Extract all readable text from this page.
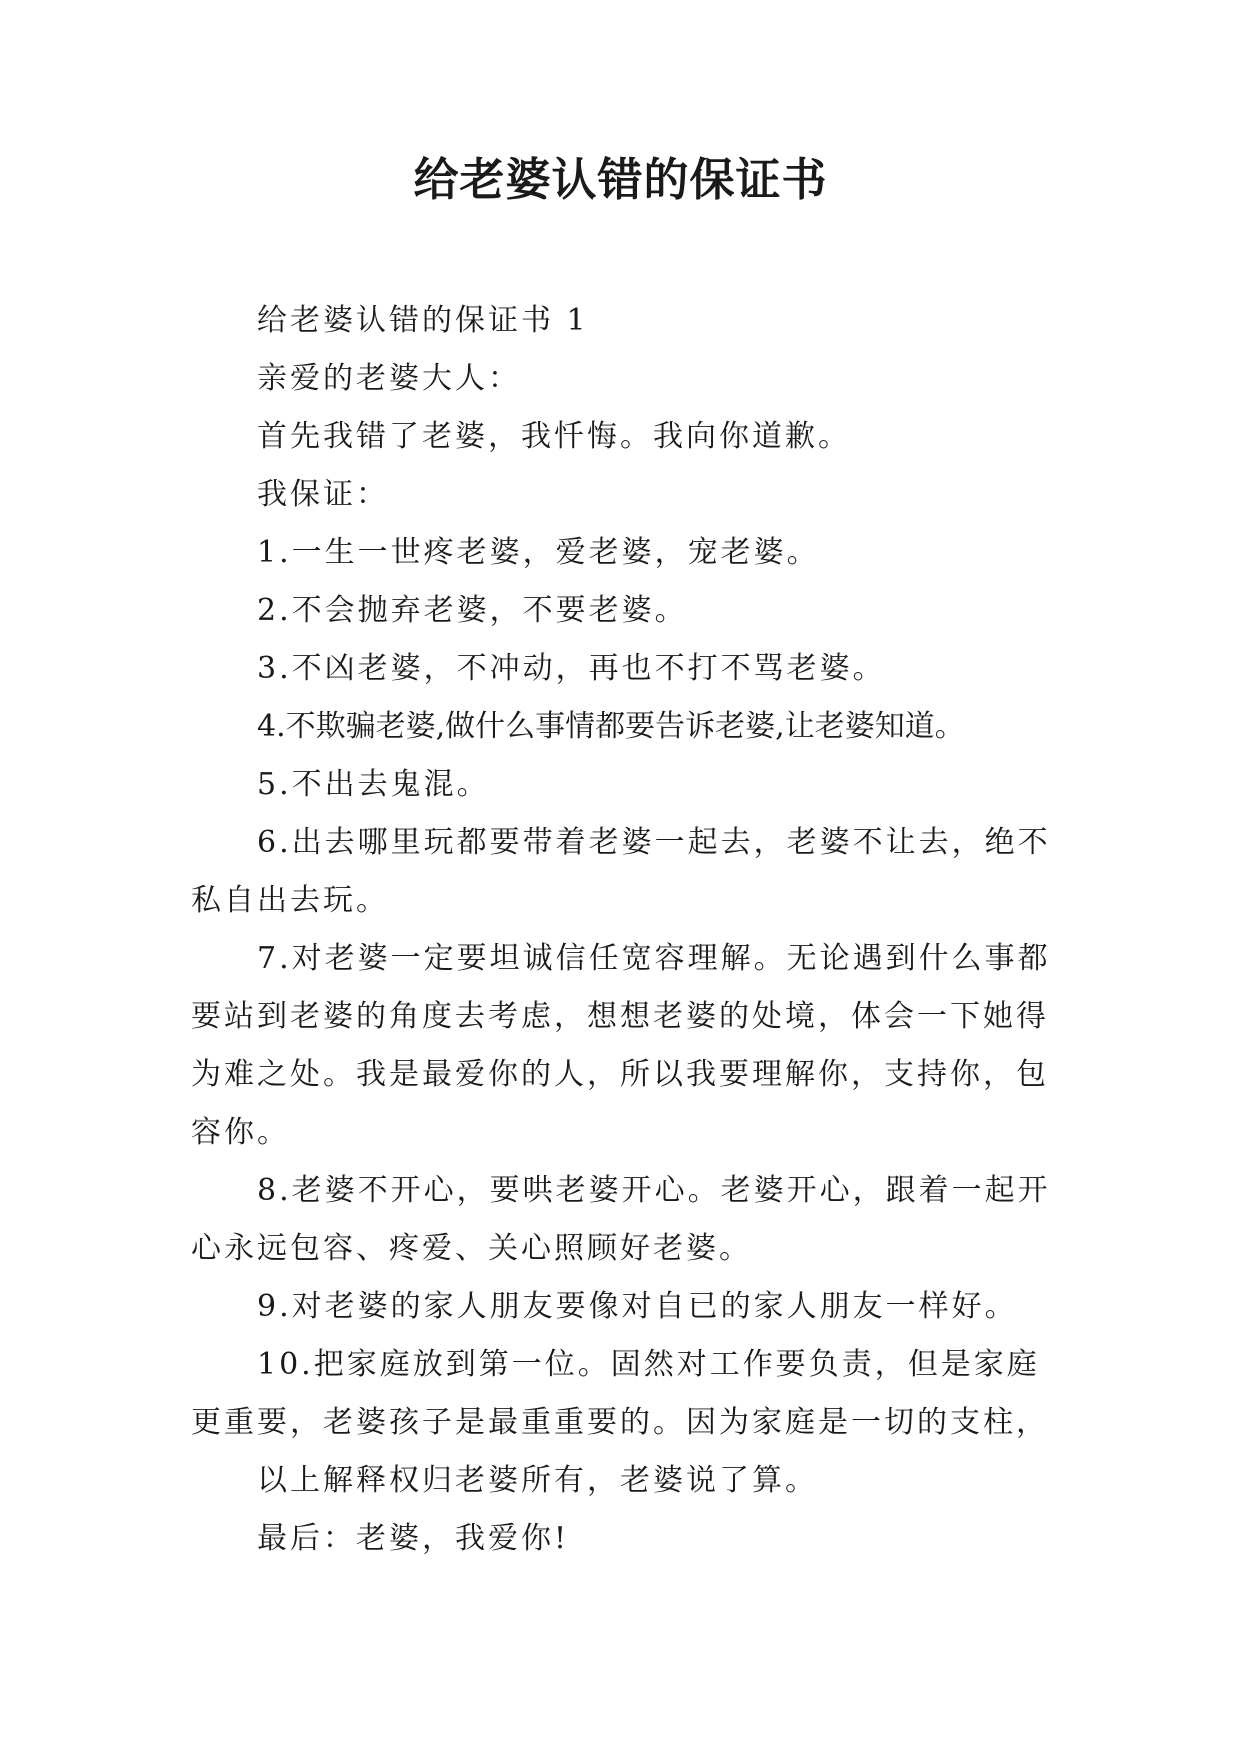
给老婆认错的保证书

给老婆认错的保证书 1

亲爱的老婆大人：

首先我错了老婆，我忏悔。我向你道歉。

我保证：

1.一生一世疼老婆，爱老婆，宠老婆。

2.不会抛弃老婆，不要老婆。

3.不凶老婆，不冲动，再也不打不骂老婆。

4.不欺骗老婆,做什么事情都要告诉老婆,让老婆知道。

5.不出去鬼混。

6.出去哪里玩都要带着老婆一起去，老婆不让去，绝不私自出去玩。

7.对老婆一定要坦诚信任宽容理解。无论遇到什么事都要站到老婆的角度去考虑，想想老婆的处境，体会一下她得为难之处。我是最爱你的人，所以我要理解你，支持你，包容你。

8.老婆不开心，要哄老婆开心。老婆开心，跟着一起开心永远包容、疼爱、关心照顾好老婆。

9.对老婆的家人朋友要像对自已的家人朋友一样好。

10.把家庭放到第一位。固然对工作要负责，但是家庭更重要，老婆孩子是最重重要的。因为家庭是一切的支柱，

以上解释权归老婆所有，老婆说了算。

最后：老婆，我爱你!
